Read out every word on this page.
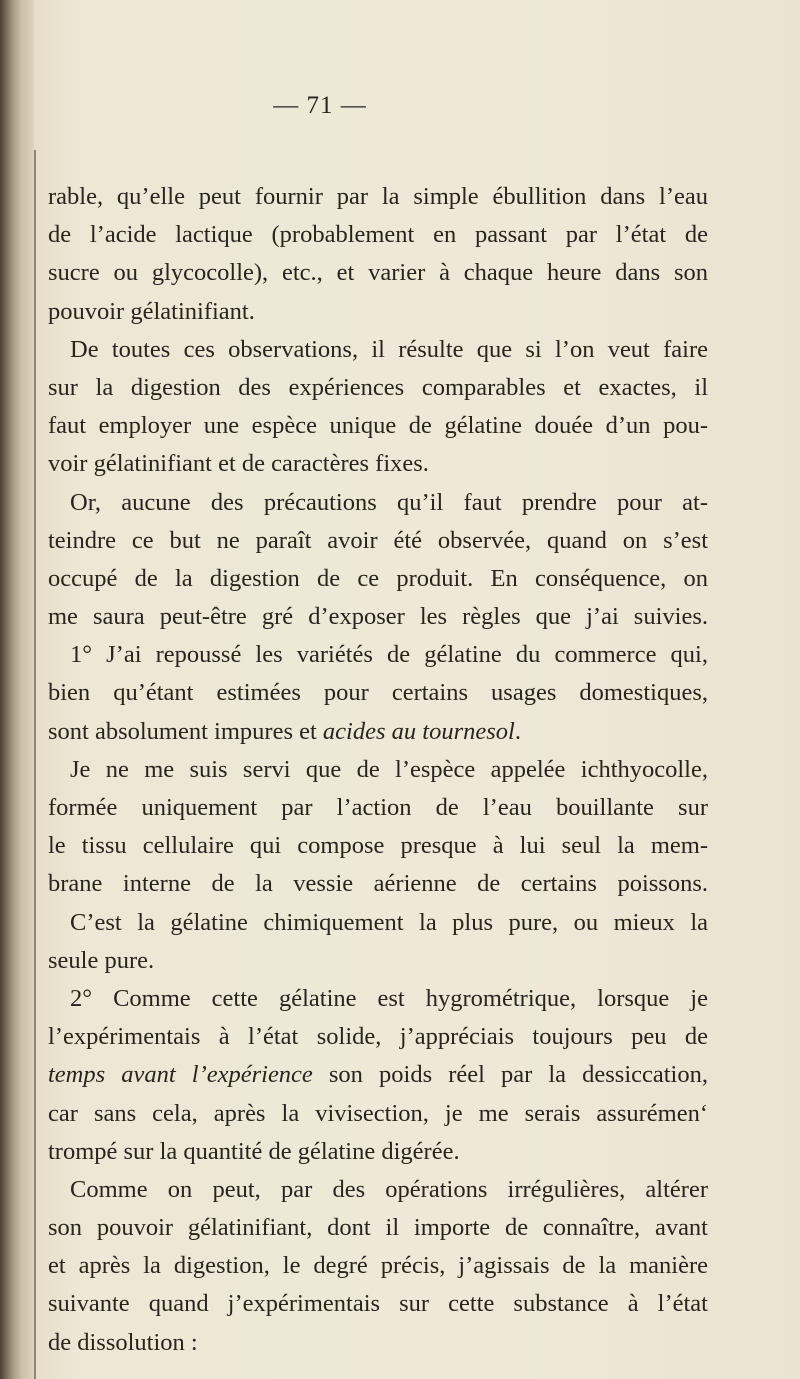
— 71 —
rable, qu’elle peut fournir par la simple ébullition dans l’eau
de l’acide lactique (probablement en passant par l’état de
sucre ou glycocolle), etc., et varier à chaque heure dans son
pouvoir gélatinifiant.
De toutes ces observations, il résulte que si l’on veut faire
sur la digestion des expériences comparables et exactes, il
faut employer une espèce unique de gélatine douée d’un pou-
voir gélatinifiant et de caractères fixes.
Or, aucune des précautions qu’il faut prendre pour at-
teindre ce but ne paraît avoir été observée, quand on s’est
occupé de la digestion de ce produit. En conséquence, on
me saura peut-être gré d’exposer les règles que j’ai suivies.
1° J’ai repoussé les variétés de gélatine du commerce qui,
bien qu’étant estimées pour certains usages domestiques,
sont absolument impures et acides au tournesol.
Je ne me suis servi que de l’espèce appelée ichthyocolle,
formée uniquement par l’action de l’eau bouillante sur
le tissu cellulaire qui compose presque à lui seul la mem-
brane interne de la vessie aérienne de certains poissons.
C’est la gélatine chimiquement la plus pure, ou mieux la
seule pure.
2° Comme cette gélatine est hygrométrique, lorsque je
l’expérimentais à l’état solide, j’appréciais toujours peu de
temps avant l’expérience son poids réel par la dessiccation,
car sans cela, après la vivisection, je me serais assurémen‘
trompé sur la quantité de gélatine digérée.
Comme on peut, par des opérations irrégulières, altérer
son pouvoir gélatinifiant, dont il importe de connaître, avant
et après la digestion, le degré précis, j’agissais de la manière
suivante quand j’expérimentais sur cette substance à l’état
de dissolution :
